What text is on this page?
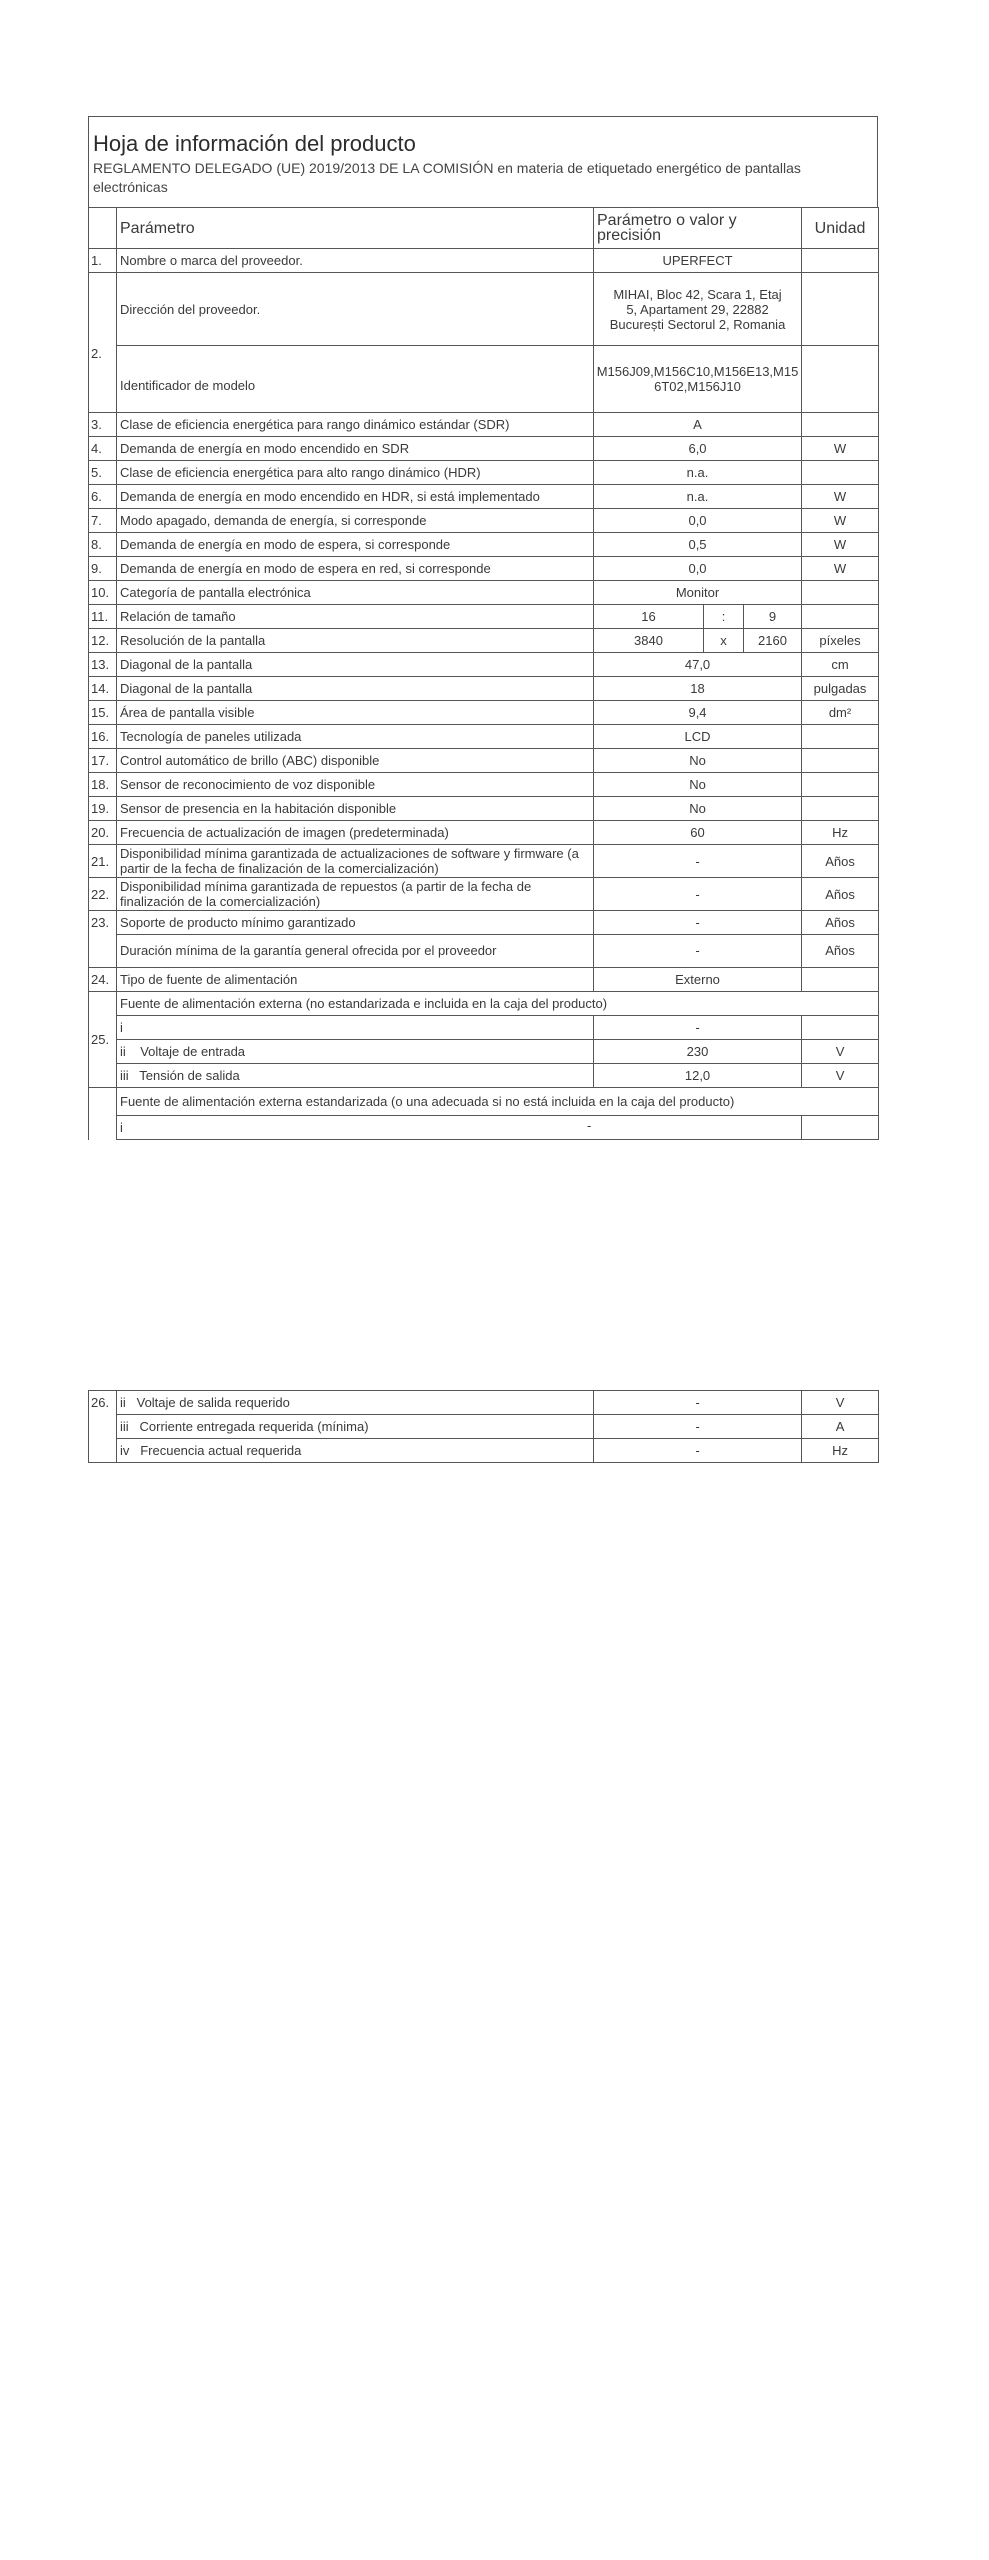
Hoja de información del producto
REGLAMENTO DELEGADO (UE) 2019/2013 DE LA COMISIÓN en materia de etiquetado energético de pantallas electrónicas
	Parámetro	Parámetro o valor y precisión			Unidad
1.	Nombre o marca del proveedor.	UPERFECT			
	Dirección del proveedor.	MIHAI, Bloc 42, Scara 1, Etaj 5, Apartament 29, 22882 București Sectorul 2, Romania			
2.	Identificador de modelo	M156J09,M156C10,M156E13,M156T02,M156J10			
3.	Clase de eficiencia energética para rango dinámico estándar (SDR)	A			
4.	Demanda de energía en modo encendido en SDR	6,0			W
5.	Clase de eficiencia energética para alto rango dinámico (HDR)	n.a.			
6.	Demanda de energía en modo encendido en HDR, si está implementado	n.a.			W
7.	Modo apagado, demanda de energía, si corresponde	0,0			W
8.	Demanda de energía en modo de espera, si corresponde	0,5			W
9.	Demanda de energía en modo de espera en red, si corresponde	0,0			W
10.	Categoría de pantalla electrónica	Monitor			
11.	Relación de tamaño	16	:	9	
12.	Resolución de la pantalla	3840	x	2160	píxeles
13.	Diagonal de la pantalla	47,0			cm
14.	Diagonal de la pantalla	18			pulgadas
15.	Área de pantalla visible	9,4			dm²
16.	Tecnología de paneles utilizada	LCD			
17.	Control automático de brillo (ABC) disponible	No			
18.	Sensor de reconocimiento de voz disponible	No			
19.	Sensor de presencia en la habitación disponible	No			
20.	Frecuencia de actualización de imagen (predeterminada)	60			Hz
21.	Disponibilidad mínima garantizada de actualizaciones de software y firmware (a partir de la fecha de finalización de la comercialización)	-			Años
22.	Disponibilidad mínima garantizada de repuestos (a partir de la fecha de finalización de la comercialización)	-			Años
23.	Soporte de producto mínimo garantizado	-			Años
	Duración mínima de la garantía general ofrecida por el proveedor	-			Años
24.	Tipo de fuente de alimentación	Externo			
25.	Fuente de alimentación externa (no estandarizada e incluida en la caja del producto)				
	i	-			
	ii    Voltaje de entrada	230			V
	iii   Tensión de salida	12,0			V
	Fuente de alimentación externa estandarizada (o una adecuada si no está incluida en la caja del producto)				
	i -				

26.	ii   Voltaje de salida requerido	-			V
	iii   Corriente entregada requerida (mínima)	-			A
	iv   Frecuencia actual requerida	-			Hz
